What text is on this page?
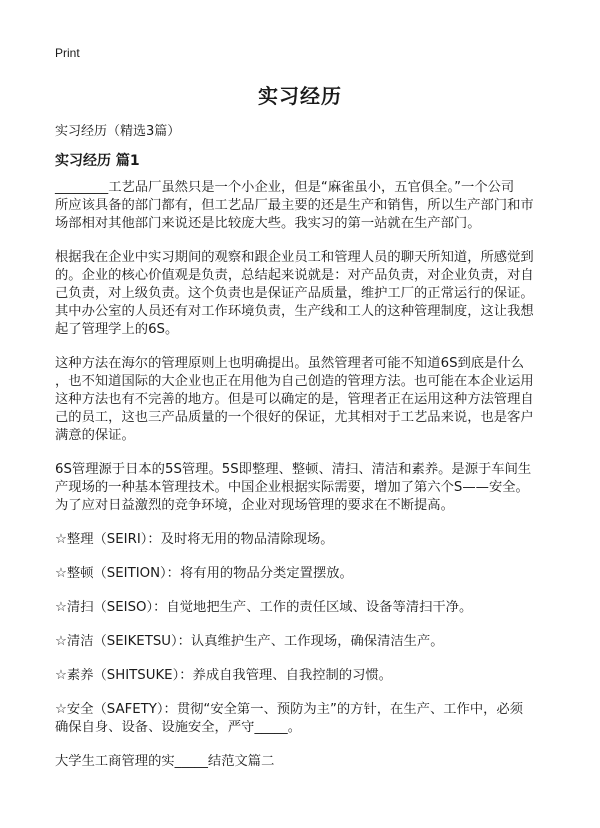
Print
实习经历
实习经历（精选3篇）
实习经历 篇1

________工艺品厂虽然只是一个小企业，但是“麻雀虽小，五官俱全。”一个公司
所应该具备的部门都有，但工艺品厂最主要的还是生产和销售，所以生产部门和市
场部相对其他部门来说还是比较庞大些。我实习的第一站就在生产部门。

根据我在企业中实习期间的观察和跟企业员工和管理人员的聊天所知道，所感觉到
的。企业的核心价值观是负责，总结起来说就是：对产品负责，对企业负责，对自
己负责，对上级负责。这个负责也是保证产品质量，维护工厂的正常运行的保证。
其中办公室的人员还有对工作环境负责，生产线和工人的这种管理制度，这让我想
起了管理学上的6S。

这种方法在海尔的管理原则上也明确提出。虽然管理者可能不知道6S到底是什么
，也不知道国际的大企业也正在用他为自己创造的管理方法。也可能在本企业运用
这种方法也有不完善的地方。但是可以确定的是，管理者正在运用这种方法管理自
己的员工，这也三产品质量的一个很好的保证，尤其相对于工艺品来说，也是客户
满意的保证。

6S管理源于日本的5S管理。5S即整理、整顿、清扫、清洁和素养。是源于车间生
产现场的一种基本管理技术。中国企业根据实际需要，增加了第六个S——安全。
为了应对日益激烈的竞争环境，企业对现场管理的要求在不断提高。

☆整理（SEIRI）：及时将无用的物品清除现场。

☆整顿（SEITION）：将有用的物品分类定置摆放。

☆清扫（SEISO）：自觉地把生产、工作的责任区域、设备等清扫干净。

☆清洁（SEIKETSU）：认真维护生产、工作现场，确保清洁生产。

☆素养（SHITSUKE）：养成自我管理、自我控制的习惯。

☆安全（SAFETY）：贯彻“安全第一、预防为主”的方针，在生产、工作中，必须
确保自身、设备、设施安全，严守_____。

大学生工商管理的实_____结范文篇二
